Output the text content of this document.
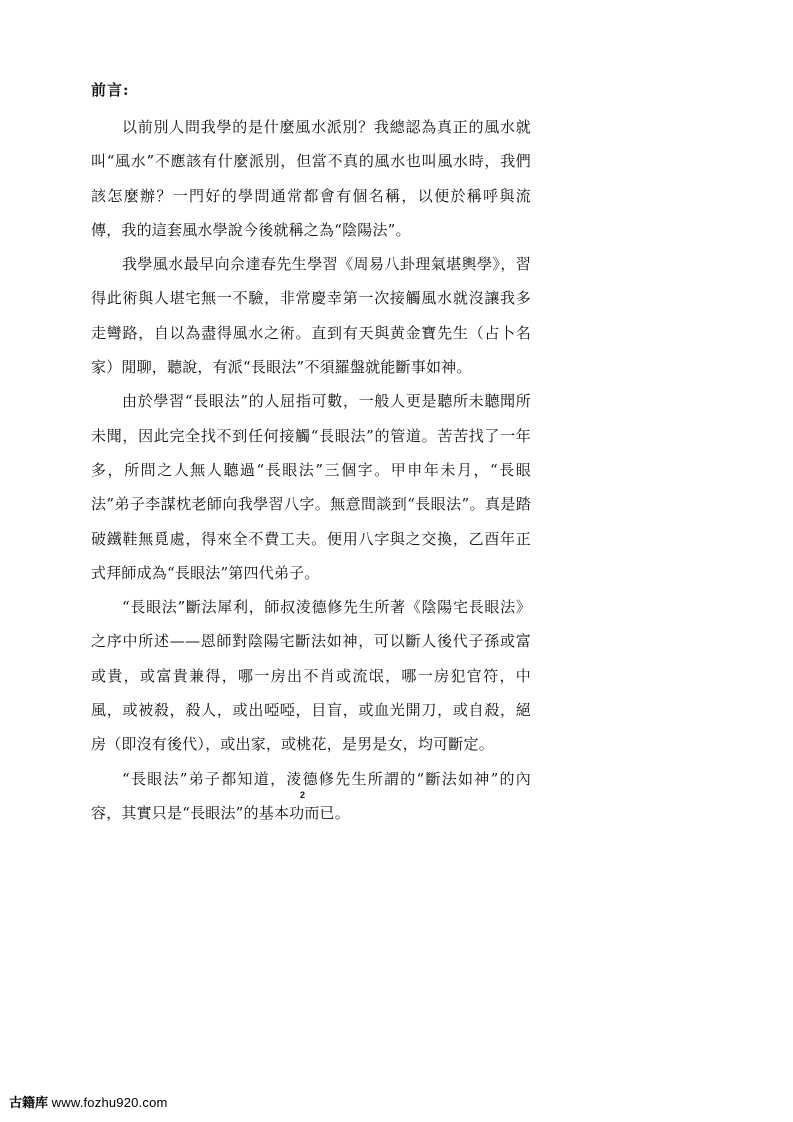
前言:

以前別人問我學的是什麼風水派別？我總認為真正的風水就叫“風水”不應該有什麼派別，但當不真的風水也叫風水時，我們該怎麼辦？一門好的學問通常都會有個名稱，以便於稱呼與流傳，我的這套風水學說今後就稱之為“陰陽法”。

我學風水最早向佘達春先生學習《周易八卦理氣堪輿學》，習得此術與人堪宅無一不驗，非常慶幸第一次接觸風水就沒讓我多走彎路，自以為盡得風水之術。直到有天與黄金寶先生（占卜名家）閒聊，聽說，有派“長眼法”不須羅盤就能斷事如神。

由於學習“長眼法”的人屈指可數，一般人更是聽所未聽聞所未聞，因此完全找不到任何接觸“長眼法”的管道。苦苦找了一年多，所問之人無人聽過“長眼法”三個字。甲申年未月，“長眼法”弟子李謀枕老師向我學習八字。無意間談到“長眼法”。真是踏破鐵鞋無覓處，得來全不費工夫。便用八字與之交換，乙酉年正式拜師成為“長眼法”第四代弟子。

“長眼法”斷法犀利，師叔淩德修先生所著《陰陽宅長眼法》之序中所述——恩師對陰陽宅斷法如神，可以斷人後代子孫或富或貴，或富貴兼得，哪一房出不肖或流氓，哪一房犯官符，中風，或被殺，殺人，或出啞啞，目盲，或血光開刀，或自殺，絕房（即沒有後代），或出家，或桃花，是男是女，均可斷定。

“長眼法”弟子都知道，淩德修先生所謂的“斷法如神”的內容，其實只是“長眼法”的基本功而已。

2
古籍库 www.fozhu920.com
